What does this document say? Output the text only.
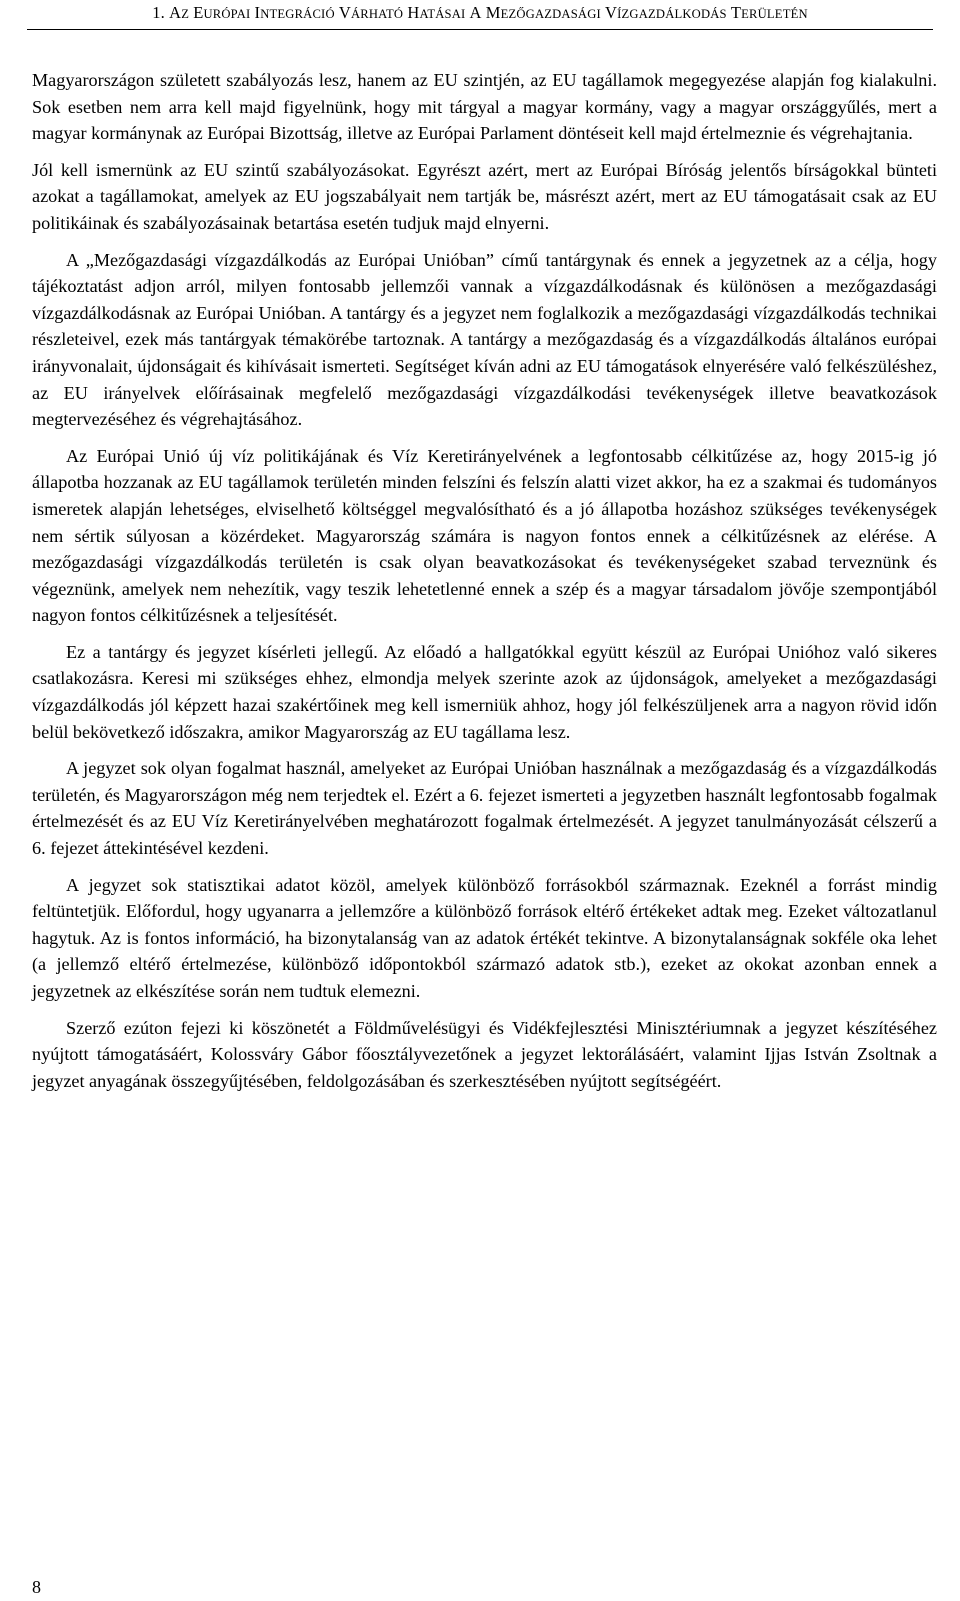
1. AZ EURÓPAI INTEGRÁCIÓ VÁRHATÓ HATÁSAI A MEZŐGAZDASÁGI VÍZGAZDÁLKODÁS TERÜLETÉN

Magyarországon született szabályozás lesz, hanem az EU szintjén, az EU tagállamok megegyezése alapján fog kialakulni. Sok esetben nem arra kell majd figyelnünk, hogy mit tárgyal a magyar kormány, vagy a magyar országgyűlés, mert a magyar kormánynak az Európai Bizottság, illetve az Európai Parlament döntéseit kell majd értelmeznie és végrehajtania.

Jól kell ismernünk az EU szintű szabályozásokat. Egyrészt azért, mert az Európai Bíróság jelentős bírságokkal bünteti azokat a tagállamokat, amelyek az EU jogszabályait nem tartják be, másrészt azért, mert az EU támogatásait csak az EU politikáinak és szabályozásainak betartása esetén tudjuk majd elnyerni.

A „Mezőgazdasági vízgazdálkodás az Európai Unióban” című tantárgynak és ennek a jegyzetnek az a célja, hogy tájékoztatást adjon arról, milyen fontosabb jellemzői vannak a vízgazdálkodásnak és különösen a mezőgazdasági vízgazdálkodásnak az Európai Unióban. A tantárgy és a jegyzet nem foglalkozik a mezőgazdasági vízgazdálkodás technikai részleteivel, ezek más tantárgyak témakörébe tartoznak. A tantárgy a mezőgazdaság és a vízgazdálkodás általános európai irányvonalait, újdonságait és kihívásait ismerteti. Segítséget kíván adni az EU támogatások elnyerésére való felkészüléshez, az EU irányelvek előírásainak megfelelő mezőgazdasági vízgazdálkodási tevékenységek illetve beavatkozások megtervezéséhez és végrehajtásához.

Az Európai Unió új víz politikájának és Víz Keretirányelvének a legfontosabb célkitűzése az, hogy 2015-ig jó állapotba hozzanak az EU tagállamok területén minden felszíni és felszín alatti vizet akkor, ha ez a szakmai és tudományos ismeretek alapján lehetséges, elviselhető költséggel megvalósítható és a jó állapotba hozáshoz szükséges tevékenységek nem sértik súlyosan a közérdeket. Magyarország számára is nagyon fontos ennek a célkitűzésnek az elérése. A mezőgazdasági vízgazdálkodás területén is csak olyan beavatkozásokat és tevékenységeket szabad terveznünk és végeznünk, amelyek nem nehezítik, vagy teszik lehetetlenné ennek a szép és a magyar társadalom jövője szempontjából nagyon fontos célkitűzésnek a teljesítését.

Ez a tantárgy és jegyzet kísérleti jellegű. Az előadó a hallgatókkal együtt készül az Európai Unióhoz való sikeres csatlakozásra. Keresi mi szükséges ehhez, elmondja melyek szerinte azok az újdonságok, amelyeket a mezőgazdasági vízgazdálkodás jól képzett hazai szakértőinek meg kell ismerniük ahhoz, hogy jól felkészüljenek arra a nagyon rövid időn belül bekövetkező időszakra, amikor Magyarország az EU tagállama lesz.

A jegyzet sok olyan fogalmat használ, amelyeket az Európai Unióban használnak a mezőgazdaság és a vízgazdálkodás területén, és Magyarországon még nem terjedtek el. Ezért a 6. fejezet ismerteti a jegyzetben használt legfontosabb fogalmak értelmezését és az EU Víz Keretirányelvében meghatározott fogalmak értelmezését. A jegyzet tanulmányozását célszerű a 6. fejezet áttekintésével kezdeni.

A jegyzet sok statisztikai adatot közöl, amelyek különböző forrásokból származnak. Ezeknél a forrást mindig feltüntetjük. Előfordul, hogy ugyanarra a jellemzőre a különböző források eltérő értékeket adtak meg. Ezeket változatlanul hagytuk. Az is fontos információ, ha bizonytalanság van az adatok értékét tekintve. A bizonytalanságnak sokféle oka lehet (a jellemző eltérő értelmezése, különböző időpontokból származó adatok stb.), ezeket az okokat azonban ennek a jegyzetnek az elkészítése során nem tudtuk elemezni.

Szerző ezúton fejezi ki köszönetét a Földművelésügyi és Vidékfejlesztési Minisztériumnak a jegyzet készítéséhez nyújtott támogatásáért, Kolossváry Gábor főosztályvezetőnek a jegyzet lektorálásáért, valamint Ijjas István Zsoltnak a jegyzet anyagának összegyűjtésében, feldolgozásában és szerkesztésében nyújtott segítségéért.

8
